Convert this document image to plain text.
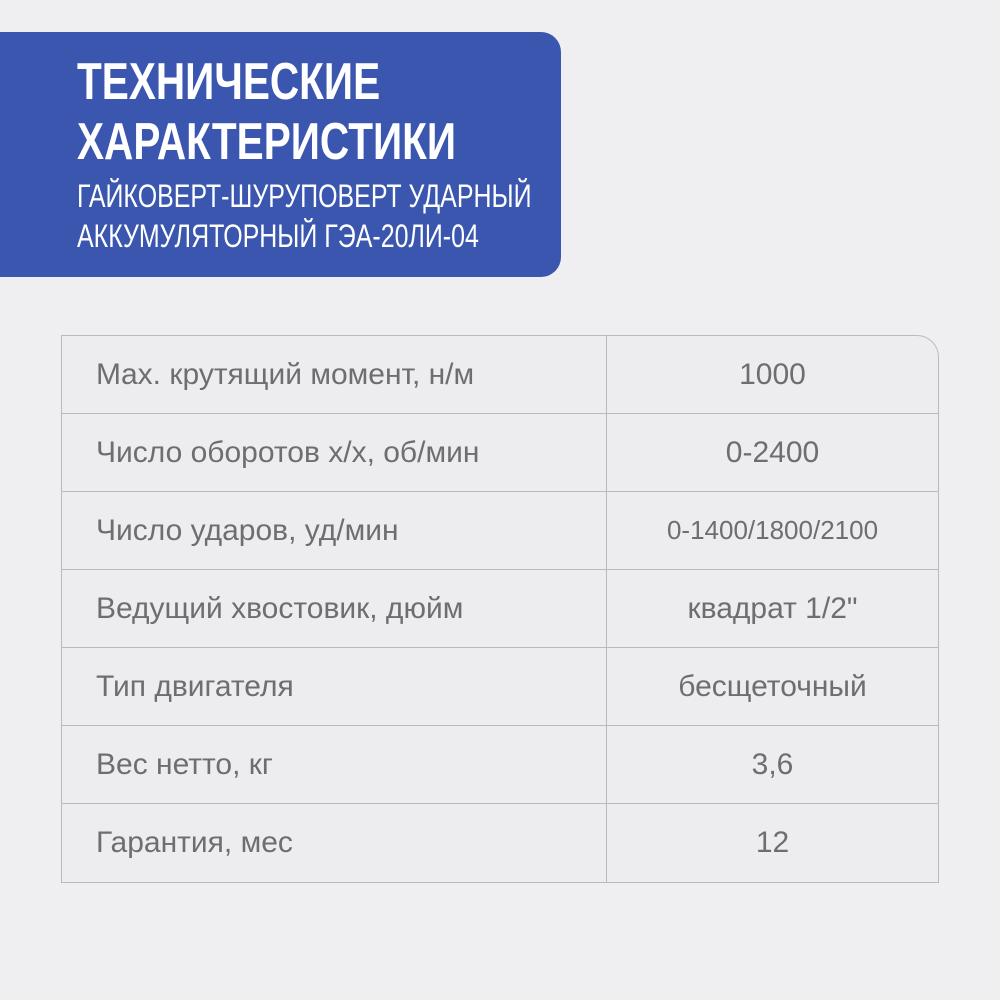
ТЕХНИЧЕСКИЕ
ХАРАКТЕРИСТИКИ
ГАЙКОВЕРТ-ШУРУПОВЕРТ УДАРНЫЙ
АККУМУЛЯТОРНЫЙ ГЭА-20ЛИ-04
Max. крутящий момент, н/м	1000
Число оборотов х/х, об/мин	0-2400
Число ударов, уд/мин	0-1400/1800/2100
Ведущий хвостовик, дюйм	квадрат 1/2"
Тип двигателя	бесщеточный
Вес нетто, кг	3,6
Гарантия, мес	12
